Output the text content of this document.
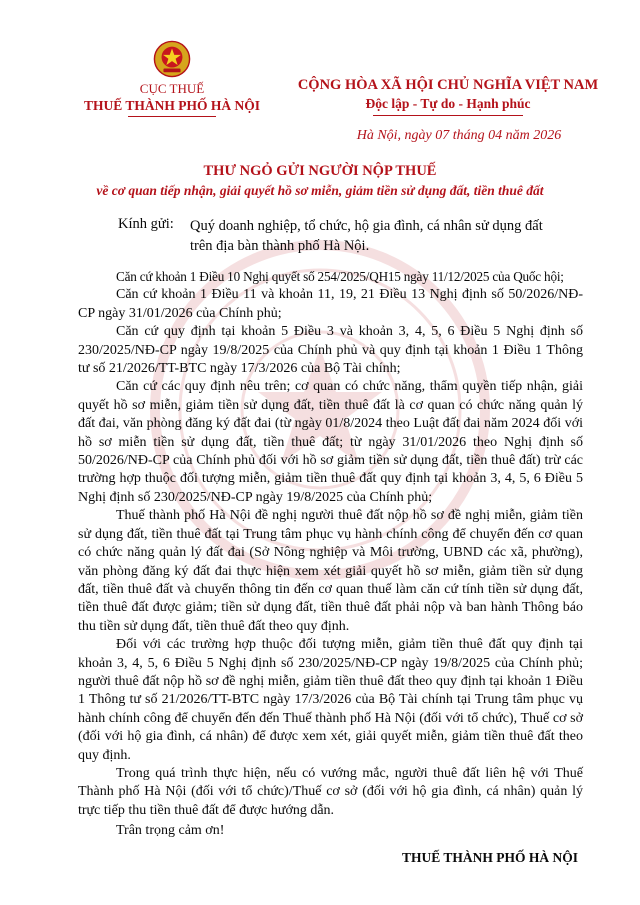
CỤC THUẾ
THUẾ THÀNH PHỐ HÀ NỘI
CỘNG HÒA XÃ HỘI CHỦ NGHĨA VIỆT NAM
Độc lập - Tự do - Hạnh phúc
Hà Nội, ngày 07 tháng 04 năm 2026
THƯ NGỎ GỬI NGƯỜI NỘP THUẾ
về cơ quan tiếp nhận, giải quyết hồ sơ miễn, giảm tiền sử dụng đất, tiền thuê đất
Kính gửi: Quý doanh nghiệp, tổ chức, hộ gia đình, cá nhân sử dụng đất trên địa bàn thành phố Hà Nội.

Căn cứ khoản 1 Điều 10 Nghị quyết số 254/2025/QH15 ngày 11/12/2025 của Quốc hội;

Căn cứ khoản 1 Điều 11 và khoản 11, 19, 21 Điều 13 Nghị định số 50/2026/NĐ-CP ngày 31/01/2026 của Chính phủ;

Căn cứ quy định tại khoản 5 Điều 3 và khoản 3, 4, 5, 6 Điều 5 Nghị định số 230/2025/NĐ-CP ngày 19/8/2025 của Chính phủ và quy định tại khoản 1 Điều 1 Thông tư số 21/2026/TT-BTC ngày 17/3/2026 của Bộ Tài chính;

Căn cứ các quy định nêu trên; cơ quan có chức năng, thẩm quyền tiếp nhận, giải quyết hồ sơ miễn, giảm tiền sử dụng đất, tiền thuê đất là cơ quan có chức năng quản lý đất đai, văn phòng đăng ký đất đai (từ ngày 01/8/2024 theo Luật đất đai năm 2024 đối với hồ sơ miễn tiền sử dụng đất, tiền thuê đất; từ ngày 31/01/2026 theo Nghị định số 50/2026/NĐ-CP của Chính phủ đối với hồ sơ giảm tiền sử dụng đất, tiền thuê đất) trừ các trường hợp thuộc đối tượng miễn, giảm tiền thuê đất quy định tại khoản 3, 4, 5, 6 Điều 5 Nghị định số 230/2025/NĐ-CP ngày 19/8/2025 của Chính phủ;

Thuế thành phố Hà Nội đề nghị người thuê đất nộp hồ sơ đề nghị miễn, giảm tiền sử dụng đất, tiền thuê đất tại Trung tâm phục vụ hành chính công để chuyển đến cơ quan có chức năng quản lý đất đai (Sở Nông nghiệp và Môi trường, UBND các xã, phường), văn phòng đăng ký đất đai thực hiện xem xét giải quyết hồ sơ miễn, giảm tiền sử dụng đất, tiền thuê đất và chuyển thông tin đến cơ quan thuế làm căn cứ tính tiền sử dụng đất, tiền thuê đất được giảm; tiền sử dụng đất, tiền thuê đất phải nộp và ban hành Thông báo thu tiền sử dụng đất, tiền thuê đất theo quy định.

Đối với các trường hợp thuộc đối tượng miễn, giảm tiền thuê đất quy định tại khoản 3, 4, 5, 6 Điều 5 Nghị định số 230/2025/NĐ-CP ngày 19/8/2025 của Chính phủ; người thuê đất nộp hồ sơ đề nghị miễn, giảm tiền thuê đất theo quy định tại khoản 1 Điều 1 Thông tư số 21/2026/TT-BTC ngày 17/3/2026 của Bộ Tài chính tại Trung tâm phục vụ hành chính công để chuyển đến đến Thuế thành phố Hà Nội (đối với tổ chức), Thuế cơ sở (đối với hộ gia đình, cá nhân) để được xem xét, giải quyết miễn, giảm tiền thuê đất theo quy định.

Trong quá trình thực hiện, nếu có vướng mắc, người thuê đất liên hệ với Thuế Thành phố Hà Nội (đối với tổ chức)/Thuế cơ sở (đối với hộ gia đình, cá nhân) quản lý trực tiếp thu tiền thuê đất để được hướng dẫn.

Trân trọng cảm ơn!

THUẾ THÀNH PHỐ HÀ NỘI
